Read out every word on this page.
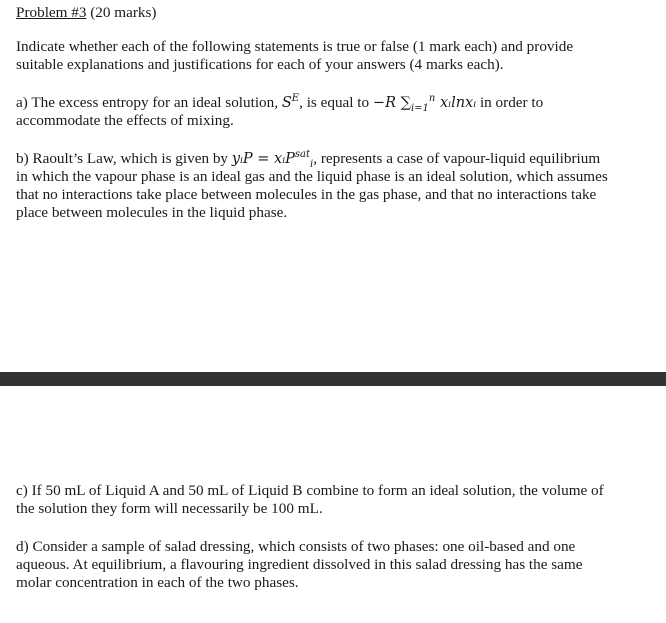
Problem #3 (20 marks)
Indicate whether each of the following statements is true or false (1 mark each) and provide
suitable explanations and justifications for each of your answers (4 marks each).
a) The excess entropy for an ideal solution, $S^E$, is equal to −R $\sum_{i=1}^n$ xᵢlnxᵢ in order to
accommodate the effects of mixing.
b) Raoult’s Law, which is given by yᵢP = xᵢP$^{sat}_i$, represents a case of vapour-liquid equilibrium
in which the vapour phase is an ideal gas and the liquid phase is an ideal solution, which assumes
that no interactions take place between molecules in the gas phase, and that no interactions take
place between molecules in the liquid phase.
c) If 50 mL of Liquid A and 50 mL of Liquid B combine to form an ideal solution, the volume of
the solution they form will necessarily be 100 mL.
d) Consider a sample of salad dressing, which consists of two phases: one oil-based and one
aqueous. At equilibrium, a flavouring ingredient dissolved in this salad dressing has the same
molar concentration in each of the two phases.
